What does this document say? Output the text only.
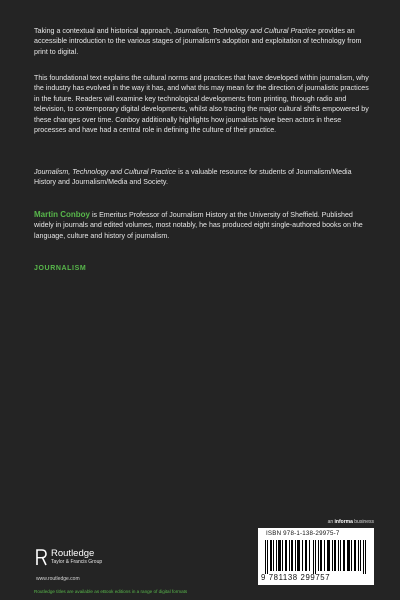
Taking a contextual and historical approach, Journalism, Technology and Cultural Practice provides an accessible introduction to the various stages of journalism's adoption and exploitation of technology from print to digital.

This foundational text explains the cultural norms and practices that have developed within journalism, why the industry has evolved in the way it has, and what this may mean for the direction of journalistic practices in the future. Readers will examine key technological developments from printing, through radio and television, to contemporary digital developments, whilst also tracing the major cultural shifts empowered by these changes over time. Conboy additionally highlights how journalists have been actors in these processes and have had a central role in defining the culture of their practice.

Journalism, Technology and Cultural Practice is a valuable resource for students of Journalism/Media History and Journalism/Media and Society.

Martin Conboy is Emeritus Professor of Journalism History at the University of Sheffield. Published widely in journals and edited volumes, most notably, he has produced eight single-authored books on the language, culture and history of journalism.

JOURNALISM
an informa business
ISBN 978-1-138-29975-7
9 781138 299757
Routledge
Taylor & Francis Group
www.routledge.com
Routledge titles are available as eBook editions in a range of digital formats
